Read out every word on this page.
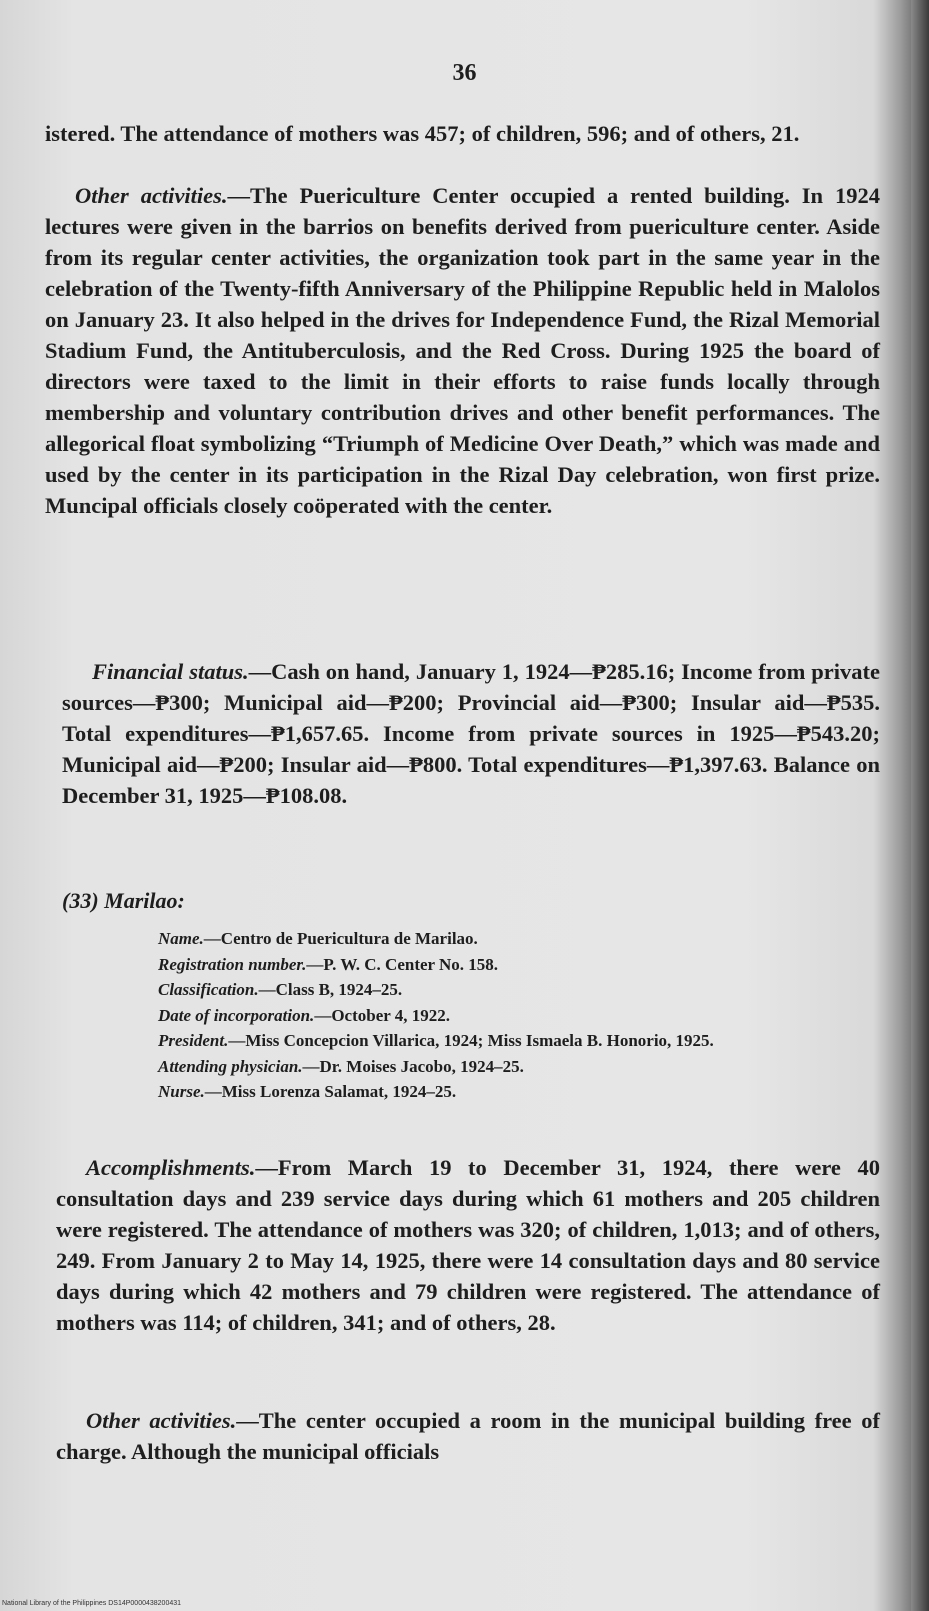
36

istered. The attendance of mothers was 457; of children, 596; and of others, 21.

Other activities.—The Puericulture Center occupied a rented building. In 1924 lectures were given in the barrios on benefits derived from puericulture center. Aside from its regular center activities, the organization took part in the same year in the celebration of the Twenty-fifth Anniversary of the Philippine Republic held in Malolos on January 23. It also helped in the drives for Independence Fund, the Rizal Memorial Stadium Fund, the Antituberculosis, and the Red Cross. During 1925 the board of directors were taxed to the limit in their efforts to raise funds locally through membership and voluntary contribution drives and other benefit performances. The allegorical float symbolizing “Triumph of Medicine Over Death,” which was made and used by the center in its participation in the Rizal Day celebration, won first prize. Muncipal officials closely coöperated with the center.

Financial status.—Cash on hand, January 1, 1924—₱285.16; Income from private sources—₱300; Municipal aid—₱200; Provincial aid—₱300; Insular aid—₱535. Total expenditures—₱1,657.65. Income from private sources in 1925—₱543.20; Municipal aid—₱200; Insular aid—₱800. Total expenditures—₱1,397.63. Balance on December 31, 1925—₱108.08.

(33) Marilao:

Name.—Centro de Puericultura de Marilao.

Registration number.—P. W. C. Center No. 158.

Classification.—Class B, 1924–25.

Date of incorporation.—October 4, 1922.

President.—Miss Concepcion Villarica, 1924; Miss Ismaela B. Honorio, 1925.

Attending physician.—Dr. Moises Jacobo, 1924–25.

Nurse.—Miss Lorenza Salamat, 1924–25.

Accomplishments.—From March 19 to December 31, 1924, there were 40 consultation days and 239 service days during which 61 mothers and 205 children were registered. The attendance of mothers was 320; of children, 1,013; and of others, 249. From January 2 to May 14, 1925, there were 14 consultation days and 80 service days during which 42 mothers and 79 children were registered. The attendance of mothers was 114; of children, 341; and of others, 28.

Other activities.—The center occupied a room in the municipal building free of charge. Although the municipal officials

National Library of the Philippines DS14P0000438200431
